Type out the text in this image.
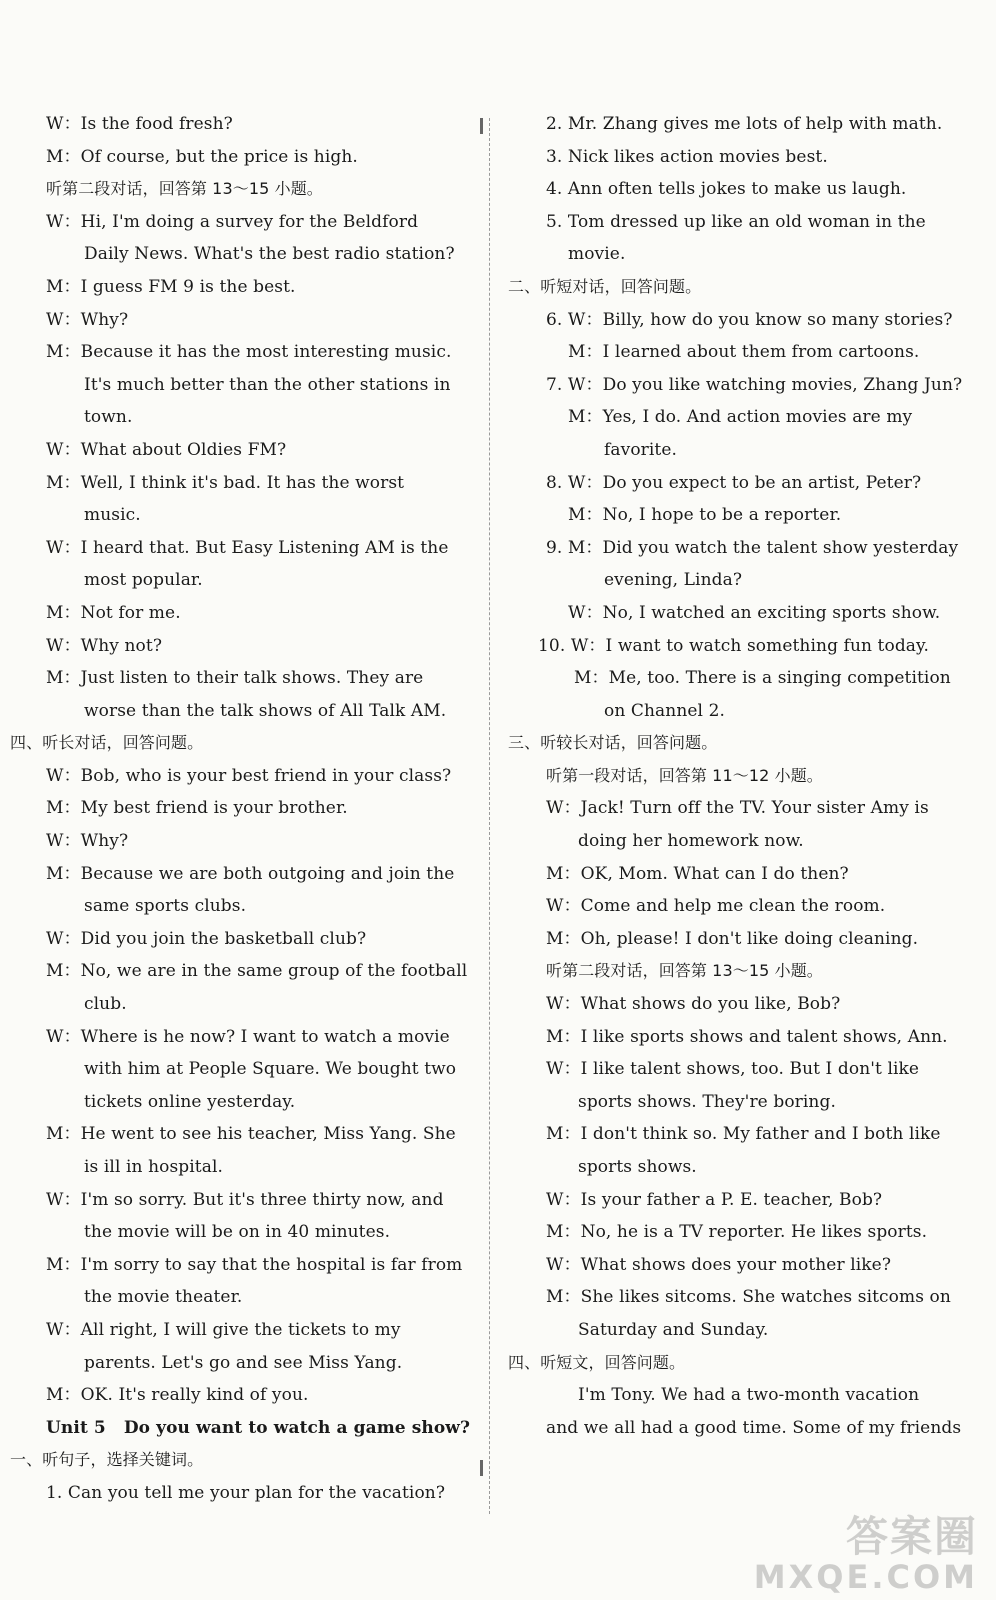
W：Is the food fresh?
M：Of course, but the price is high.
听第二段对话，回答第 13～15 小题。
W：Hi, I'm doing a survey for the Beldford
Daily News. What's the best radio station?
M：I guess FM 9 is the best.
W：Why?
M：Because it has the most interesting music.
It's much better than the other stations in
town.
W：What about Oldies FM?
M：Well, I think it's bad. It has the worst
music.
W：I heard that. But Easy Listening AM is the
most popular.
M：Not for me.
W：Why not?
M：Just listen to their talk shows. They are
worse than the talk shows of All Talk AM.
四、听长对话，回答问题。
W：Bob, who is your best friend in your class?
M：My best friend is your brother.
W：Why?
M：Because we are both outgoing and join the
same sports clubs.
W：Did you join the basketball club?
M：No, we are in the same group of the football
club.
W：Where is he now? I want to watch a movie
with him at People Square. We bought two
tickets online yesterday.
M：He went to see his teacher, Miss Yang. She
is ill in hospital.
W：I'm so sorry. But it's three thirty now, and
the movie will be on in 40 minutes.
M：I'm sorry to say that the hospital is far from
the movie theater.
W：All right, I will give the tickets to my
parents. Let's go and see Miss Yang.
M：OK. It's really kind of you.
Unit 5 Do you want to watch a game show?
一、听句子，选择关键词。
1. Can you tell me your plan for the vacation?
2. Mr. Zhang gives me lots of help with math.
3. Nick likes action movies best.
4. Ann often tells jokes to make us laugh.
5. Tom dressed up like an old woman in the
movie.
二、听短对话，回答问题。
6. W：Billy, how do you know so many stories?
M：I learned about them from cartoons.
7. W：Do you like watching movies, Zhang Jun?
M：Yes, I do. And action movies are my
favorite.
8. W：Do you expect to be an artist, Peter?
M：No, I hope to be a reporter.
9. M：Did you watch the talent show yesterday
evening, Linda?
W：No, I watched an exciting sports show.
10. W：I want to watch something fun today.
M：Me, too. There is a singing competition
on Channel 2.
三、听较长对话，回答问题。
听第一段对话，回答第 11～12 小题。
W：Jack! Turn off the TV. Your sister Amy is
doing her homework now.
M：OK, Mom. What can I do then?
W：Come and help me clean the room.
M：Oh, please! I don't like doing cleaning.
听第二段对话，回答第 13～15 小题。
W：What shows do you like, Bob?
M：I like sports shows and talent shows, Ann.
W：I like talent shows, too. But I don't like
sports shows. They're boring.
M：I don't think so. My father and I both like
sports shows.
W：Is your father a P. E. teacher, Bob?
M：No, he is a TV reporter. He likes sports.
W：What shows does your mother like?
M：She likes sitcoms. She watches sitcoms on
Saturday and Sunday.
四、听短文，回答问题。
I'm Tony. We had a two-month vacation
and we all had a good time. Some of my friends
答案圈
MXQE.COM
